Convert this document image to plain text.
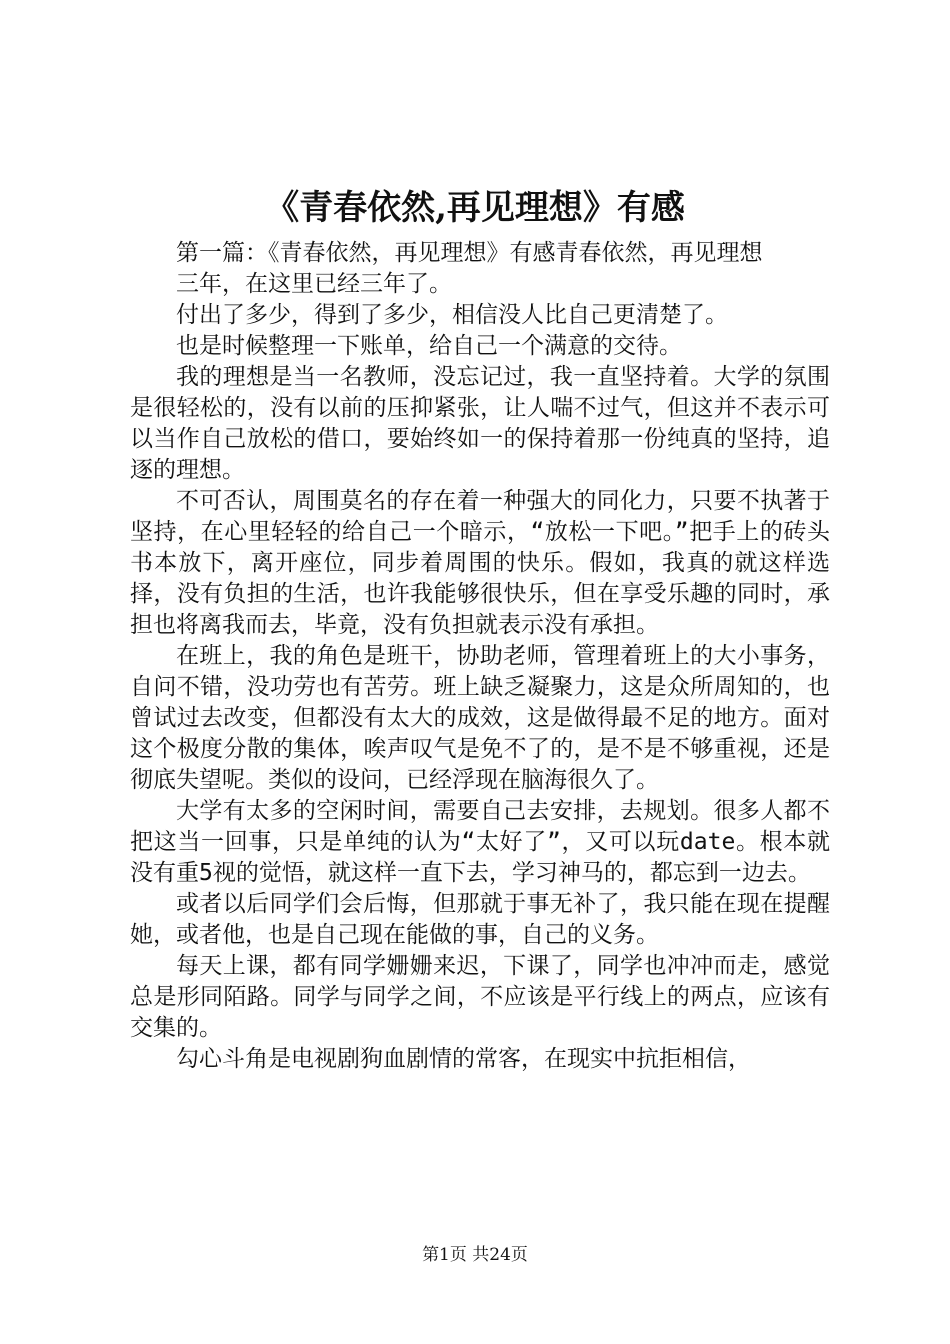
《青春依然,再见理想》有感

第一篇：《青春依然，再见理想》有感青春依然，再见理想

三年，在这里已经三年了。

付出了多少，得到了多少，相信没人比自己更清楚了。

也是时候整理一下账单，给自己一个满意的交待。

我的理想是当一名教师，没忘记过，我一直坚持着。大学的氛围是很轻松的，没有以前的压抑紧张，让人喘不过气，但这并不表示可以当作自己放松的借口，要始终如一的保持着那一份纯真的坚持，追逐的理想。

不可否认，周围莫名的存在着一种强大的同化力，只要不执著于坚持，在心里轻轻的给自己一个暗示，“放松一下吧。”把手上的砖头书本放下，离开座位，同步着周围的快乐。假如，我真的就这样选择，没有负担的生活，也许我能够很快乐，但在享受乐趣的同时，承担也将离我而去，毕竟，没有负担就表示没有承担。

在班上，我的角色是班干，协助老师，管理着班上的大小事务，自问不错，没功劳也有苦劳。班上缺乏凝聚力，这是众所周知的，也曾试过去改变，但都没有太大的成效，这是做得最不足的地方。面对这个极度分散的集体，唉声叹气是免不了的，是不是不够重视，还是彻底失望呢。类似的设问，已经浮现在脑海很久了。

大学有太多的空闲时间，需要自己去安排，去规划。很多人都不把这当一回事，只是单纯的认为“太好了”，又可以玩date。根本就没有重5视的觉悟，就这样一直下去，学习神马的，都忘到一边去。

或者以后同学们会后悔，但那就于事无补了，我只能在现在提醒她，或者他，也是自己现在能做的事，自己的义务。

每天上课，都有同学姗姗来迟，下课了，同学也冲冲而走，感觉总是形同陌路。同学与同学之间，不应该是平行线上的两点，应该有交集的。

勾心斗角是电视剧狗血剧情的常客，在现实中抗拒相信，

第1页 共24页
